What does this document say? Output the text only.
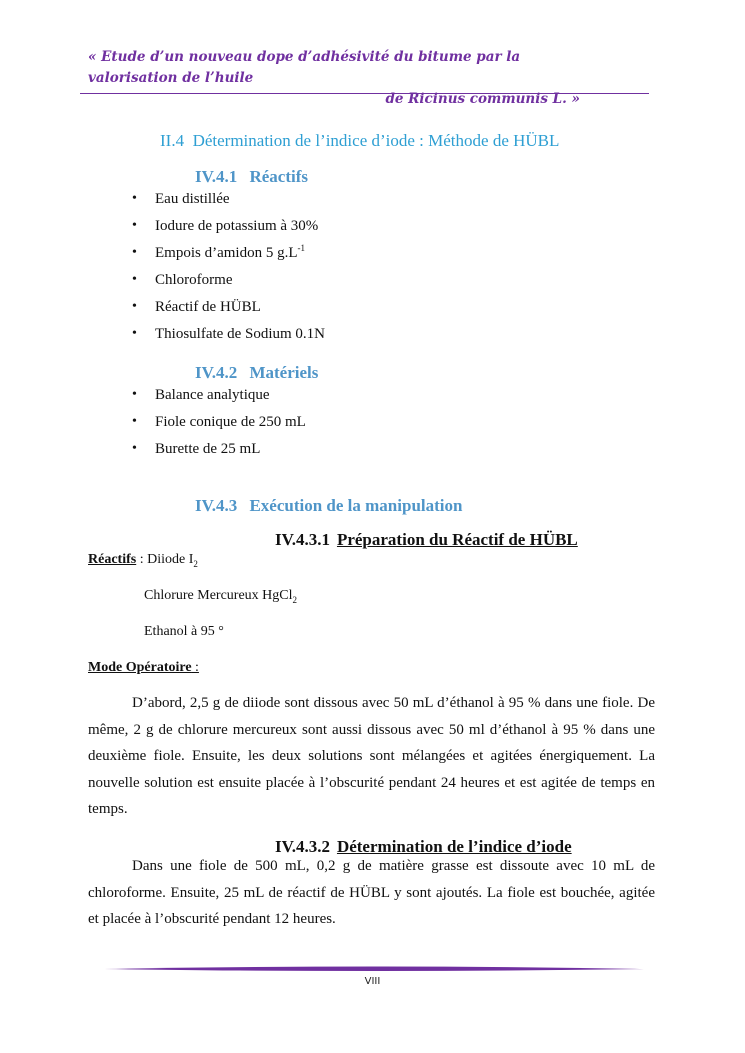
« Etude d’un nouveau dope d’adhésivité du bitume par la valorisation de l’huile
de Ricinus communis L. »
II.4 Détermination de l’indice d’iode : Méthode de HÜBL
IV.4.1 Réactifs
• Eau distillée
• Iodure de potassium à 30%
• Empois d’amidon 5 $g.L^{-1}$
• Chloroforme
• Réactif de HÜBL
• Thiosulfate de Sodium 0.1N
IV.4.2 Matériels
• Balance analytique
• Fiole conique de 250 mL
• Burette de 25 mL
IV.4.3 Exécution de la manipulation
IV.4.3.1 Préparation du Réactif de HÜBL
Réactifs : Diiode $I_2$
Chlorure Mercureux HgCl$_2$
Ethanol à 95 °
Mode Opératoire :
D’abord, 2,5 g de diiode sont dissous avec 50 mL d’éthanol à 95 % dans une fiole. De même, 2 g de chlorure mercureux sont aussi dissous avec 50 ml d’éthanol à 95 % dans une deuxième fiole. Ensuite, les deux solutions sont mélangées et agitées énergiquement. La nouvelle solution est ensuite placée à l’obscurité pendant 24 heures et est agitée de temps en temps.
IV.4.3.2 Détermination de l’indice d’iode
Dans une fiole de 500 mL, 0,2 g de matière grasse est dissoute avec 10 mL de chloroforme. Ensuite, 25 mL de réactif de HÜBL y sont ajoutés. La fiole est bouchée, agitée et placée à l’obscurité pendant 12 heures.
VIII
